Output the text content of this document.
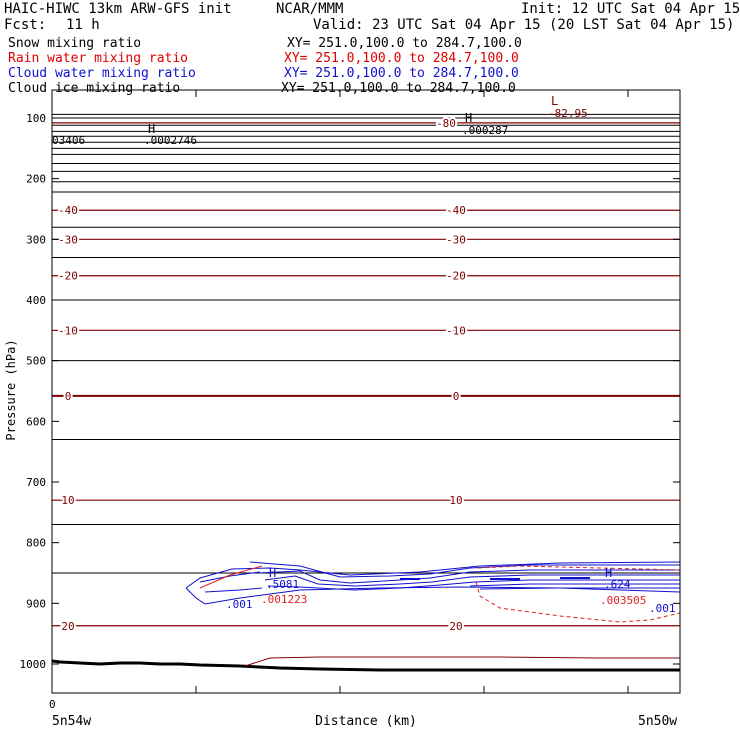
HAIC-HIWC 13km ARW-GFS init	NCAR/MMM	Init: 12 UTC Sat 04 Apr 15
Fcst: 11 h	Valid: 23 UTC Sat 04 Apr 15 (20 LST Sat 04 Apr 15)
Snow mixing ratio	XY= 251.0,100.0 to 284.7,100.0
Rain water mixing ratio	XY= 251.0,100.0 to 284.7,100.0
Cloud water mixing ratio	XY= 251.0,100.0 to 284.7,100.0
Cloud ice mixing ratio	XY= 251.0,100.0 to 284.7,100.0
-80
-40	-40
-30	-30
-20	-20
-10	-10
0	0
10	10
20	20
L
-82.95
H
.0002746
H
.000287
03406
H
.5081
.001223
.001
H
.624
.003505
.001
100
200
300
400
500
600
700
800
900
1000
Pressure (hPa)
Distance (km)
0
5n54w	5n50w
